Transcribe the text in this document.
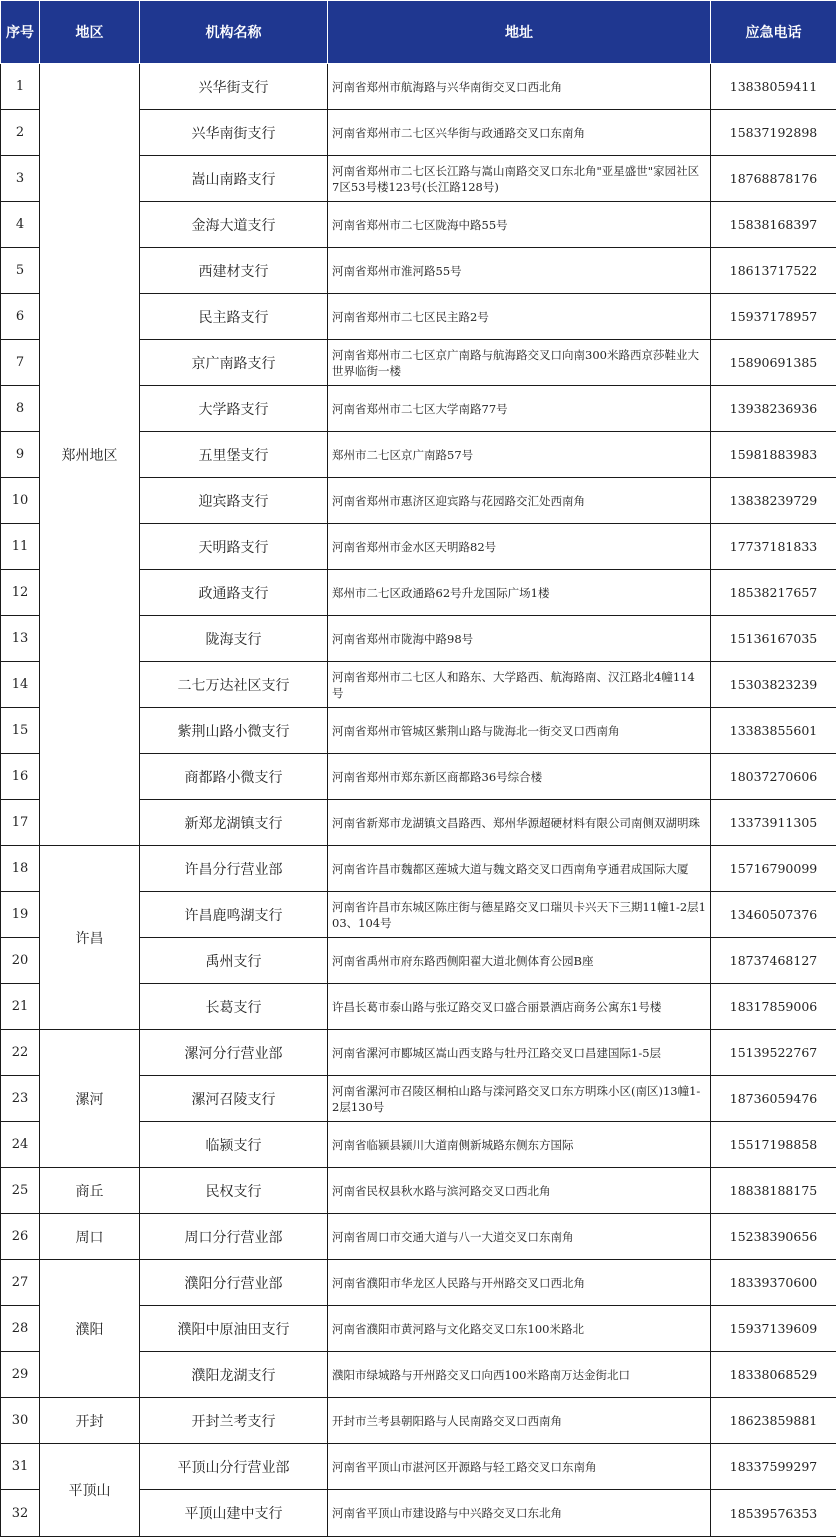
序号	地区	机构名称	地址	应急电话
1	郑州地区	兴华街支行	河南省郑州市航海路与兴华南街交叉口西北角	13838059411
2		兴华南街支行	河南省郑州市二七区兴华街与政通路交叉口东南角	15837192898
3		嵩山南路支行	河南省郑州市二七区长江路与嵩山南路交叉口东北角"亚星盛世"家园社区7区53号楼123号(长江路128号)	18768878176
4		金海大道支行	河南省郑州市二七区陇海中路55号	15838168397
5		西建材支行	河南省郑州市淮河路55号	18613717522
6		民主路支行	河南省郑州市二七区民主路2号	15937178957
7		京广南路支行	河南省郑州市二七区京广南路与航海路交叉口向南300米路西京莎鞋业大世界临街一楼	15890691385
8		大学路支行	河南省郑州市二七区大学南路77号	13938236936
9		五里堡支行	郑州市二七区京广南路57号	15981883983
10		迎宾路支行	河南省郑州市惠济区迎宾路与花园路交汇处西南角	13838239729
11		天明路支行	河南省郑州市金水区天明路82号	17737181833
12		政通路支行	郑州市二七区政通路62号升龙国际广场1楼	18538217657
13		陇海支行	河南省郑州市陇海中路98号	15136167035
14		二七万达社区支行	河南省郑州市二七区人和路东、大学路西、航海路南、汉江路北4幢114号	15303823239
15		紫荆山路小微支行	河南省郑州市管城区紫荆山路与陇海北一街交叉口西南角	13383855601
16		商都路小微支行	河南省郑州市郑东新区商都路36号综合楼	18037270606
17		新郑龙湖镇支行	河南省新郑市龙湖镇文昌路西、郑州华源超硬材料有限公司南侧双湖明珠	13373911305
18	许昌	许昌分行营业部	河南省许昌市魏都区莲城大道与魏文路交叉口西南角亨通君成国际大厦	15716790099
19		许昌鹿鸣湖支行	河南省许昌市东城区陈庄街与德星路交叉口瑞贝卡兴天下三期11幢1-2层103、104号	13460507376
20		禹州支行	河南省禹州市府东路西侧阳翟大道北侧体育公园B座	18737468127
21		长葛支行	许昌长葛市泰山路与张辽路交叉口盛合丽景酒店商务公寓东1号楼	18317859006
22	漯河	漯河分行营业部	河南省漯河市郾城区嵩山西支路与牡丹江路交叉口昌建国际1-5层	15139522767
23		漯河召陵支行	河南省漯河市召陵区桐柏山路与滦河路交叉口东方明珠小区(南区)13幢1-2层130号	18736059476
24		临颍支行	河南省临颍县颍川大道南侧新城路东侧东方国际	15517198858
25	商丘	民权支行	河南省民权县秋水路与滨河路交叉口西北角	18838188175
26	周口	周口分行营业部	河南省周口市交通大道与八一大道交叉口东南角	15238390656
27	濮阳	濮阳分行营业部	河南省濮阳市华龙区人民路与开州路交叉口西北角	18339370600
28		濮阳中原油田支行	河南省濮阳市黄河路与文化路交叉口东100米路北	15937139609
29		濮阳龙湖支行	濮阳市绿城路与开州路交叉口向西100米路南万达金街北口	18338068529
30	开封	开封兰考支行	开封市兰考县朝阳路与人民南路交叉口西南角	18623859881
31	平顶山	平顶山分行营业部	河南省平顶山市湛河区开源路与轻工路交叉口东南角	18337599297
32		平顶山建中支行	河南省平顶山市建设路与中兴路交叉口东北角	18539576353
